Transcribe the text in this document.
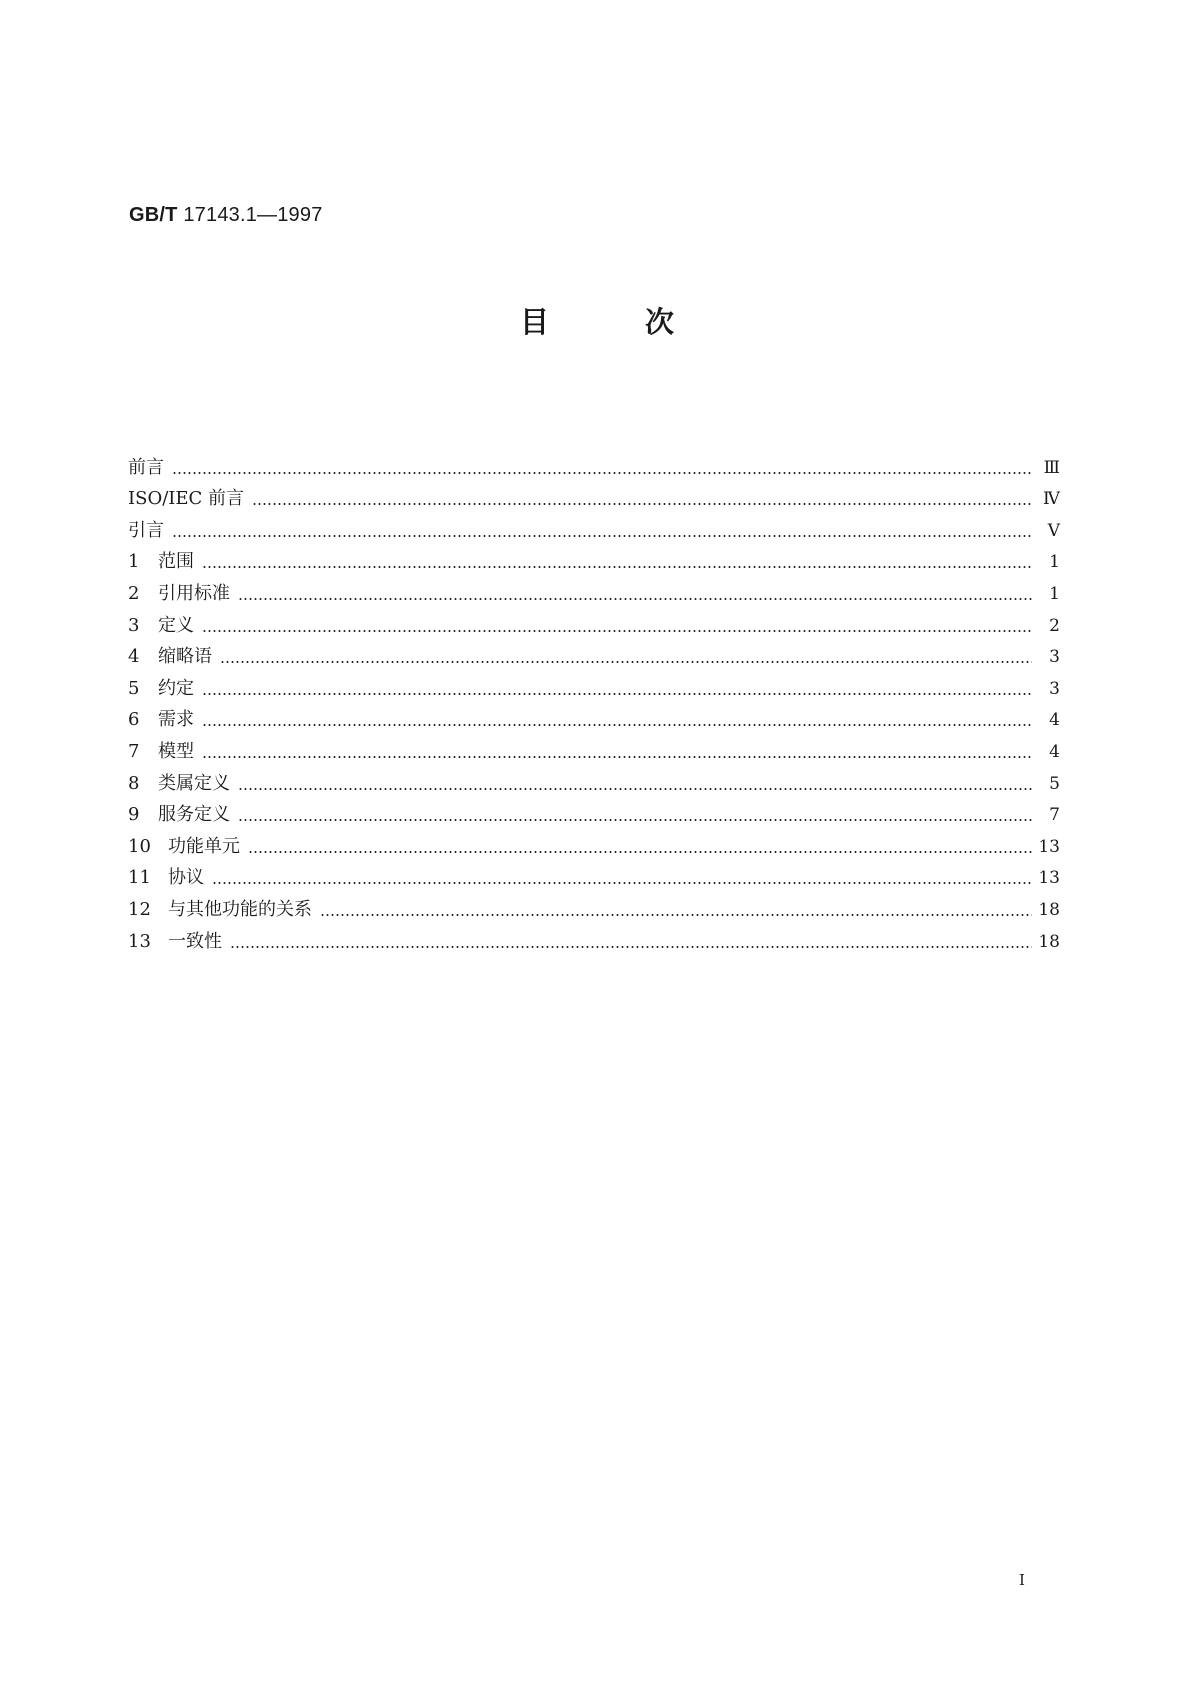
GB/T 17143.1—1997
目	次
前言	Ⅲ
ISO/IEC 前言	Ⅳ
引言	Ⅴ
1	范围	1
2	引用标准	1
3	定义	2
4	缩略语	3
5	约定	3
6	需求	4
7	模型	4
8	类属定义	5
9	服务定义	7
10 功能单元	13
11 协议	13
12 与其他功能的关系	18
13 一致性	18
I
